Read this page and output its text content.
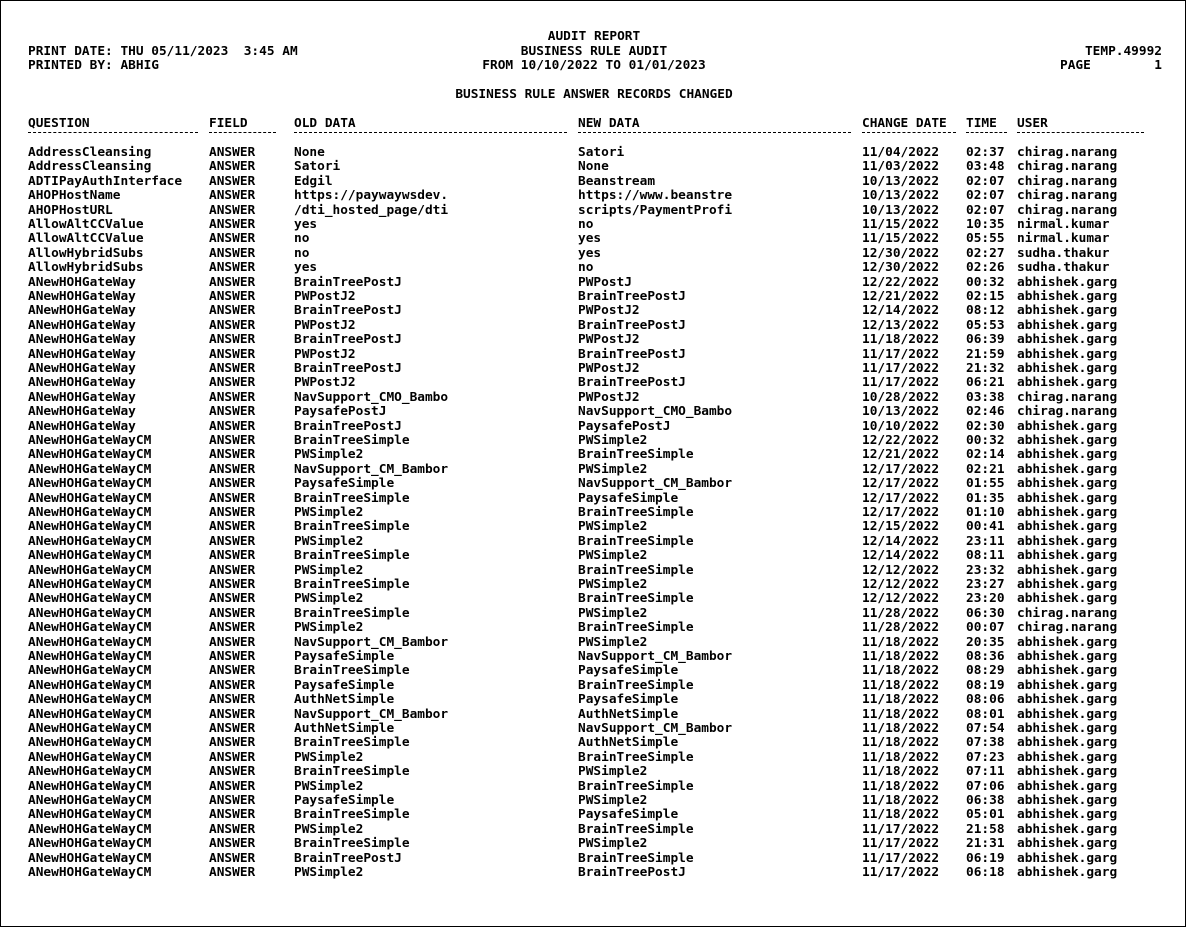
AUDIT REPORT
PRINT DATE: THU 05/11/2023  3:45 AM	BUSINESS RULE AUDIT	TEMP.49992
PRINTED BY: ABHIG	FROM 10/10/2022 TO 01/01/2023	PAGE	1
BUSINESS RULE ANSWER RECORDS CHANGED
QUESTION	FIELD	OLD DATA	NEW DATA	CHANGE DATE TIME USER
AddressCleansing	ANSWER	None	Satori	11/04/2022 02:37 chirag.narang
AddressCleansing	ANSWER	Satori	None	11/03/2022 03:48 chirag.narang
ADTIPayAuthInterface ANSWER	Edgil	Beanstream	10/13/2022 02:07 chirag.narang
AHOPHostName	ANSWER	https://paywaywsdev.	https://www.beanstre	10/13/2022 02:07 chirag.narang
AHOPHostURL	ANSWER	/dti_hosted_page/dti	scripts/PaymentProfi	10/13/2022 02:07 chirag.narang
AllowAltCCValue	ANSWER	yes	no	11/15/2022 10:35 nirmal.kumar
AllowAltCCValue	ANSWER	no	yes	11/15/2022 05:55 nirmal.kumar
AllowHybridSubs	ANSWER	no	yes	12/30/2022 02:27 sudha.thakur
AllowHybridSubs	ANSWER	yes	no	12/30/2022 02:26 sudha.thakur
ANewHOHGateWay	ANSWER	BrainTreePostJ	PWPostJ	12/22/2022 00:32 abhishek.garg
ANewHOHGateWay	ANSWER	PWPostJ2	BrainTreePostJ	12/21/2022 02:15 abhishek.garg
ANewHOHGateWay	ANSWER	BrainTreePostJ	PWPostJ2	12/14/2022 08:12 abhishek.garg
ANewHOHGateWay	ANSWER	PWPostJ2	BrainTreePostJ	12/13/2022 05:53 abhishek.garg
ANewHOHGateWay	ANSWER	BrainTreePostJ	PWPostJ2	11/18/2022 06:39 abhishek.garg
ANewHOHGateWay	ANSWER	PWPostJ2	BrainTreePostJ	11/17/2022 21:59 abhishek.garg
ANewHOHGateWay	ANSWER	BrainTreePostJ	PWPostJ2	11/17/2022 21:32 abhishek.garg
ANewHOHGateWay	ANSWER	PWPostJ2	BrainTreePostJ	11/17/2022 06:21 abhishek.garg
ANewHOHGateWay	ANSWER	NavSupport_CMO_Bambo	PWPostJ2	10/28/2022 03:38 chirag.narang
ANewHOHGateWay	ANSWER	PaysafePostJ	NavSupport_CMO_Bambo	10/13/2022 02:46 chirag.narang
ANewHOHGateWay	ANSWER	BrainTreePostJ	PaysafePostJ	10/10/2022 02:30 abhishek.garg
ANewHOHGateWayCM	ANSWER	BrainTreeSimple	PWSimple2	12/22/2022 00:32 abhishek.garg
ANewHOHGateWayCM	ANSWER	PWSimple2	BrainTreeSimple	12/21/2022 02:14 abhishek.garg
ANewHOHGateWayCM	ANSWER	NavSupport_CM_Bambor	PWSimple2	12/17/2022 02:21 abhishek.garg
ANewHOHGateWayCM	ANSWER	PaysafeSimple	NavSupport_CM_Bambor	12/17/2022 01:55 abhishek.garg
ANewHOHGateWayCM	ANSWER	BrainTreeSimple	PaysafeSimple	12/17/2022 01:35 abhishek.garg
ANewHOHGateWayCM	ANSWER	PWSimple2	BrainTreeSimple	12/17/2022 01:10 abhishek.garg
ANewHOHGateWayCM	ANSWER	BrainTreeSimple	PWSimple2	12/15/2022 00:41 abhishek.garg
ANewHOHGateWayCM	ANSWER	PWSimple2	BrainTreeSimple	12/14/2022 23:11 abhishek.garg
ANewHOHGateWayCM	ANSWER	BrainTreeSimple	PWSimple2	12/14/2022 08:11 abhishek.garg
ANewHOHGateWayCM	ANSWER	PWSimple2	BrainTreeSimple	12/12/2022 23:32 abhishek.garg
ANewHOHGateWayCM	ANSWER	BrainTreeSimple	PWSimple2	12/12/2022 23:27 abhishek.garg
ANewHOHGateWayCM	ANSWER	PWSimple2	BrainTreeSimple	12/12/2022 23:20 abhishek.garg
ANewHOHGateWayCM	ANSWER	BrainTreeSimple	PWSimple2	11/28/2022 06:30 chirag.narang
ANewHOHGateWayCM	ANSWER	PWSimple2	BrainTreeSimple	11/28/2022 00:07 chirag.narang
ANewHOHGateWayCM	ANSWER	NavSupport_CM_Bambor	PWSimple2	11/18/2022 20:35 abhishek.garg
ANewHOHGateWayCM	ANSWER	PaysafeSimple	NavSupport_CM_Bambor	11/18/2022 08:36 abhishek.garg
ANewHOHGateWayCM	ANSWER	BrainTreeSimple	PaysafeSimple	11/18/2022 08:29 abhishek.garg
ANewHOHGateWayCM	ANSWER	PaysafeSimple	BrainTreeSimple	11/18/2022 08:19 abhishek.garg
ANewHOHGateWayCM	ANSWER	AuthNetSimple	PaysafeSimple	11/18/2022 08:06 abhishek.garg
ANewHOHGateWayCM	ANSWER	NavSupport_CM_Bambor	AuthNetSimple	11/18/2022 08:01 abhishek.garg
ANewHOHGateWayCM	ANSWER	AuthNetSimple	NavSupport_CM_Bambor	11/18/2022 07:54 abhishek.garg
ANewHOHGateWayCM	ANSWER	BrainTreeSimple	AuthNetSimple	11/18/2022 07:38 abhishek.garg
ANewHOHGateWayCM	ANSWER	PWSimple2	BrainTreeSimple	11/18/2022 07:23 abhishek.garg
ANewHOHGateWayCM	ANSWER	BrainTreeSimple	PWSimple2	11/18/2022 07:11 abhishek.garg
ANewHOHGateWayCM	ANSWER	PWSimple2	BrainTreeSimple	11/18/2022 07:06 abhishek.garg
ANewHOHGateWayCM	ANSWER	PaysafeSimple	PWSimple2	11/18/2022 06:38 abhishek.garg
ANewHOHGateWayCM	ANSWER	BrainTreeSimple	PaysafeSimple	11/18/2022 05:01 abhishek.garg
ANewHOHGateWayCM	ANSWER	PWSimple2	BrainTreeSimple	11/17/2022 21:58 abhishek.garg
ANewHOHGateWayCM	ANSWER	BrainTreeSimple	PWSimple2	11/17/2022 21:31 abhishek.garg
ANewHOHGateWayCM	ANSWER	BrainTreePostJ	BrainTreeSimple	11/17/2022 06:19 abhishek.garg
ANewHOHGateWayCM	ANSWER	PWSimple2	BrainTreePostJ	11/17/2022 06:18 abhishek.garg
